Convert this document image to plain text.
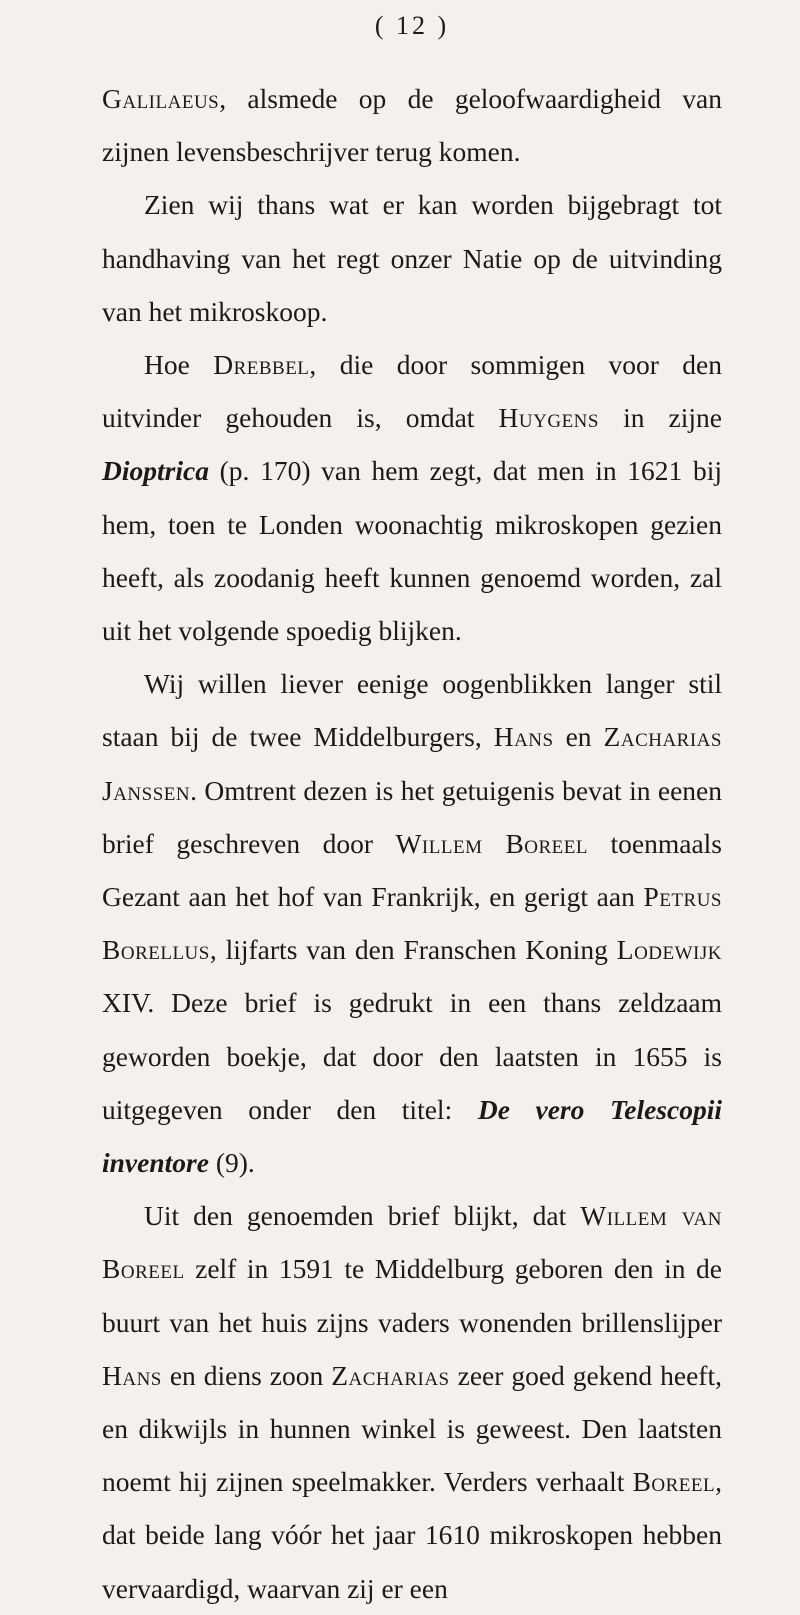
( 12 )

Galilaeus, alsmede op de geloofwaardigheid van zijnen levensbeschrijver terug komen.

Zien wij thans wat er kan worden bijgebragt tot handhaving van het regt onzer Natie op de uitvinding van het mikroskoop.

Hoe Drebbel, die door sommigen voor den uitvinder gehouden is, omdat Huygens in zijne Dioptrica (p. 170) van hem zegt, dat men in 1621 bij hem, toen te Londen woonachtig mikroskopen gezien heeft, als zoodanig heeft kunnen genoemd worden, zal uit het volgende spoedig blijken.

Wij willen liever eenige oogenblikken langer stil staan bij de twee Middelburgers, Hans en Zacharias Janssen. Omtrent dezen is het getuigenis bevat in eenen brief geschreven door Willem Boreel toenmaals Gezant aan het hof van Frankrijk, en gerigt aan Petrus Borellus, lijfarts van den Franschen Koning Lodewijk XIV. Deze brief is gedrukt in een thans zeldzaam geworden boekje, dat door den laatsten in 1655 is uitgegeven onder den titel: De vero Telescopii inventore (9).

Uit den genoemden brief blijkt, dat Willem van Boreel zelf in 1591 te Middelburg geboren den in de buurt van het huis zijns vaders wonenden brillenslijper Hans en diens zoon Zacharias zeer goed gekend heeft, en dikwijls in hunnen winkel is geweest. Den laatsten noemt hij zijnen speelmakker. Verders verhaalt Boreel, dat beide lang vóór het jaar 1610 mikroskopen hebben vervaardigd, waarvan zij er een
